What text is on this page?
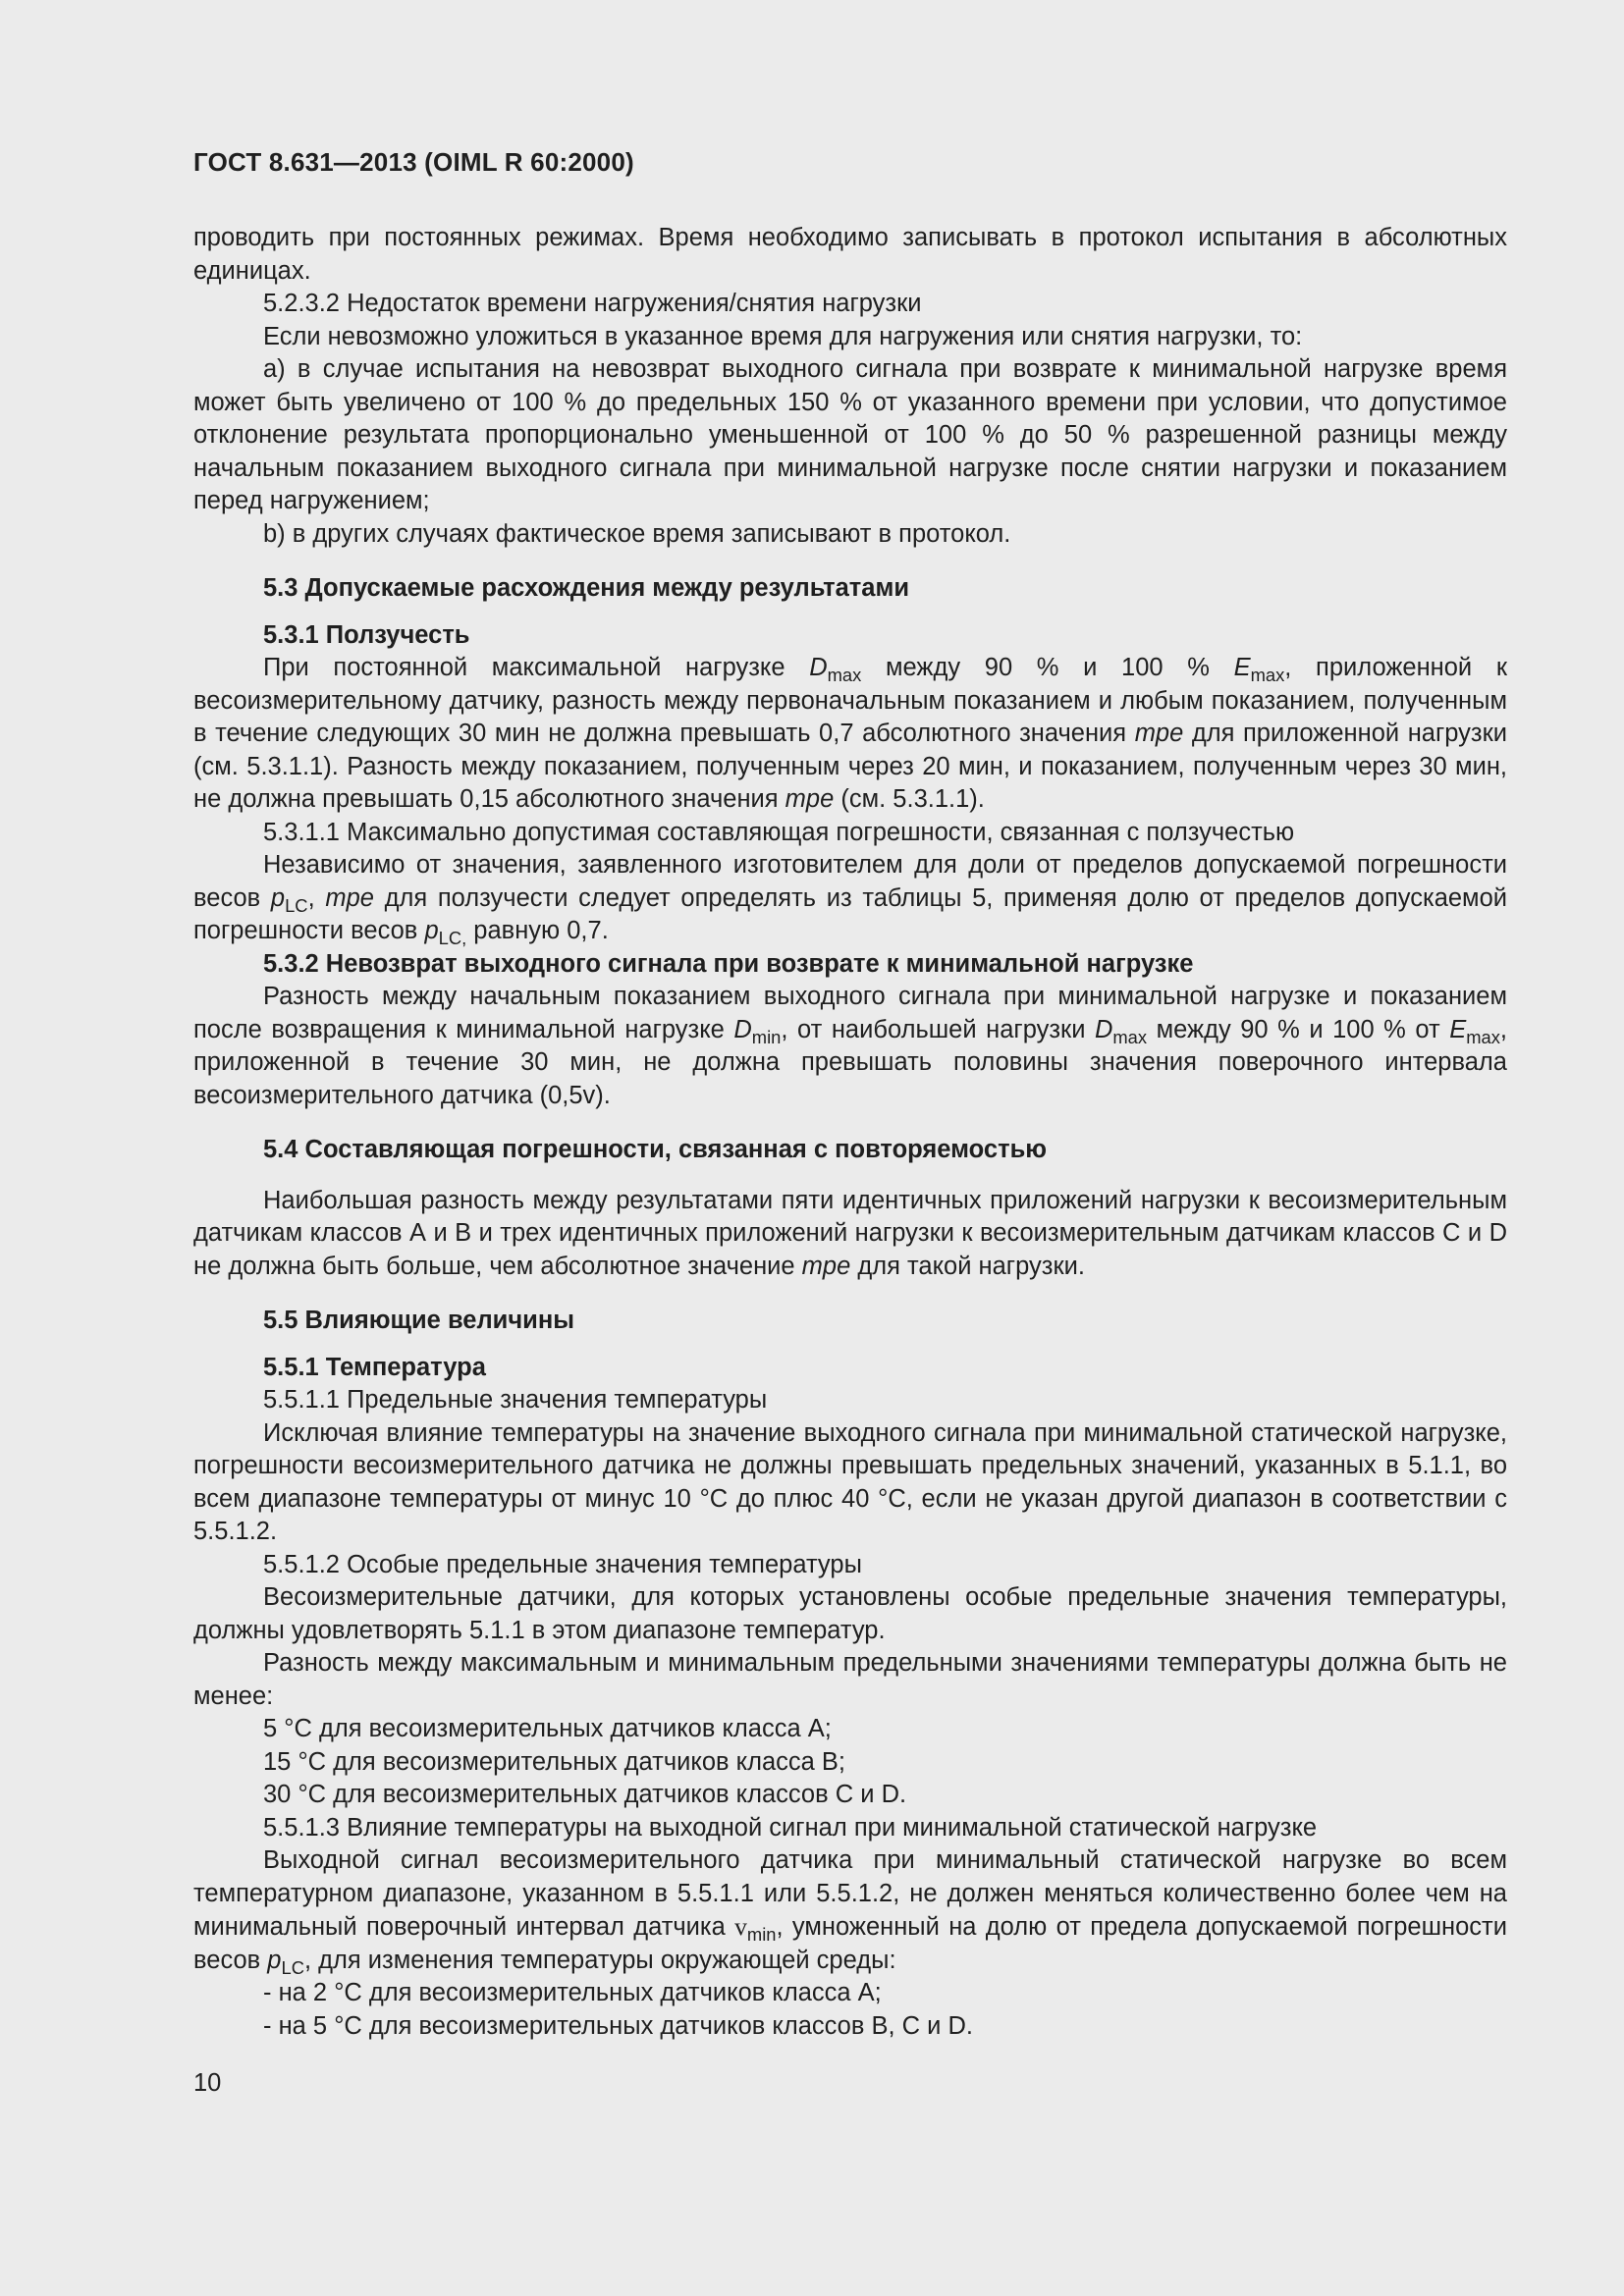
ГОСТ 8.631—2013 (OIML R 60:2000)

проводить при постоянных режимах. Время необходимо записывать в протокол испытания в абсолютных единицах.

5.2.3.2 Недостаток времени нагружения/снятия нагрузки

Если невозможно уложиться в указанное время для нагружения или снятия нагрузки, то:

а) в случае испытания на невозврат выходного сигнала при возврате к минимальной нагрузке время может быть увеличено от 100 % до предельных 150 % от указанного времени при условии, что допустимое отклонение результата пропорционально уменьшенной от 100 % до 50 % разрешенной разницы между начальным показанием выходного сигнала при минимальной нагрузке после снятии нагрузки и показанием перед нагружением;

b) в других случаях фактическое время записывают в протокол.

5.3 Допускаемые расхождения между результатами

5.3.1 Ползучесть

При постоянной максимальной нагрузке $D_{max}$ между 90 % и 100 % $E_{max}$, приложенной к весоизмерительному датчику, разность между первоначальным показанием и любым показанием, полученным в течение следующих 30 мин не должна превышать 0,7 абсолютного значения mpe для приложенной нагрузки (см. 5.3.1.1). Разность между показанием, полученным через 20 мин, и показанием, полученным через 30 мин, не должна превышать 0,15 абсолютного значения mpe (см. 5.3.1.1).

5.3.1.1 Максимально допустимая составляющая погрешности, связанная с ползучестью

Независимо от значения, заявленного изготовителем для доли от пределов допускаемой погрешности весов $p_{LC}$, mpe для ползучести следует определять из таблицы 5, применяя долю от пределов допускаемой погрешности весов $p_{LC,}$ равную 0,7.

5.3.2 Невозврат выходного сигнала при возврате к минимальной нагрузке

Разность между начальным показанием выходного сигнала при минимальной нагрузке и показанием после возвращения к минимальной нагрузке $D_{min}$, от наибольшей нагрузки $D_{max}$ между 90 % и 100 % от $E_{max}$, приложенной в течение 30 мин, не должна превышать половины значения поверочного интервала весоизмерительного датчика (0,5v).

5.4 Составляющая погрешности, связанная с повторяемостью

Наибольшая разность между результатами пяти идентичных приложений нагрузки к весоизмерительным датчикам классов А и В и трех идентичных приложений нагрузки к весоизмерительным датчикам классов С и D не должна быть больше, чем абсолютное значение mpe для такой нагрузки.

5.5 Влияющие величины

5.5.1 Температура

5.5.1.1 Предельные значения температуры

Исключая влияние температуры на значение выходного сигнала при минимальной статической нагрузке, погрешности весоизмерительного датчика не должны превышать предельных значений, указанных в 5.1.1, во всем диапазоне температуры от минус 10 °С до плюс 40 °С, если не указан другой диапазон в соответствии с 5.5.1.2.

5.5.1.2 Особые предельные значения температуры

Весоизмерительные датчики, для которых установлены особые предельные значения температуры, должны удовлетворять 5.1.1 в этом диапазоне температур.

Разность между максимальным и минимальным предельными значениями температуры должна быть не менее:

5 °С для весоизмерительных датчиков класса А;

15 °С для весоизмерительных датчиков класса В;

30 °С для весоизмерительных датчиков классов С и D.

5.5.1.3 Влияние температуры на выходной сигнал при минимальной статической нагрузке

Выходной сигнал весоизмерительного датчика при минимальный статической нагрузке во всем температурном диапазоне, указанном в 5.5.1.1 или 5.5.1.2, не должен меняться количественно более чем на минимальный поверочный интервал датчика $v_{min}$, умноженный на долю от предела допускаемой погрешности весов $p_{LC}$, для изменения температуры окружающей среды:

- на 2 °С для весоизмерительных датчиков класса А;

- на 5 °С для весоизмерительных датчиков классов В, С и D.

10
